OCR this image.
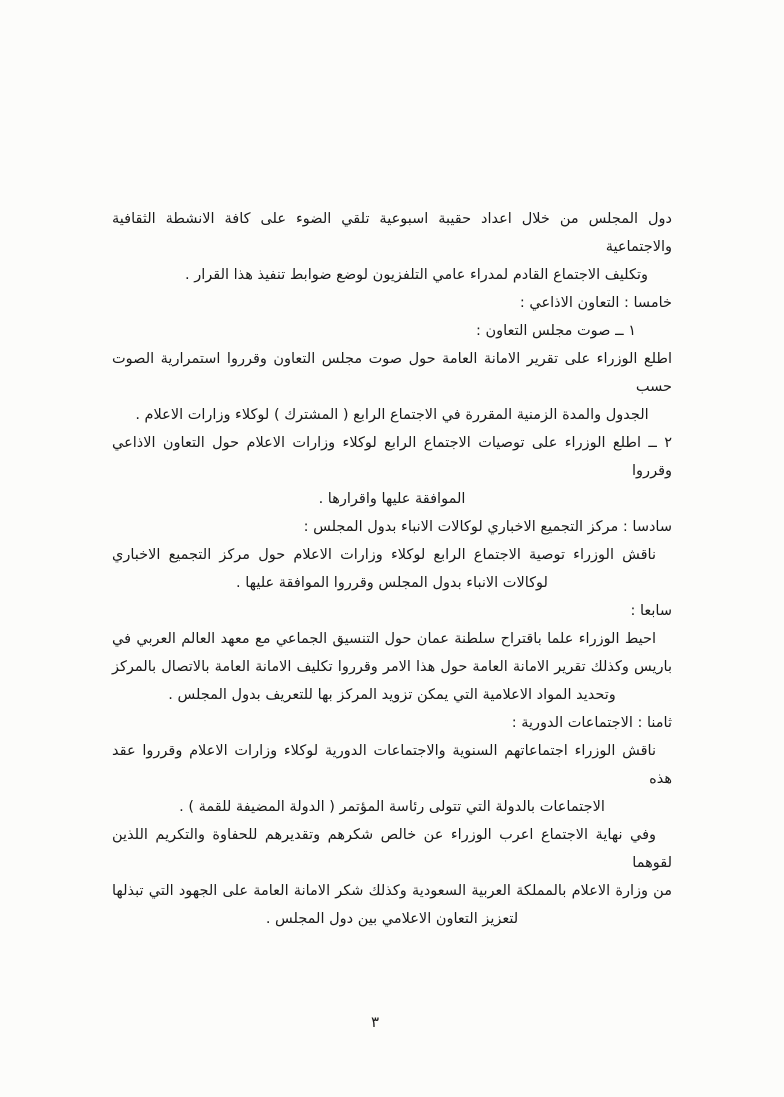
دول المجلس من خلال اعداد حقيبة اسبوعية تلقي الضوء على كافة الانشطة الثقافية والاجتماعية
وتكليف الاجتماع القادم لمدراء عامي التلفزيون لوضع ضوابط تنفيذ هذا القرار .

خامسا : التعاون الاذاعي :

١ ــ صوت مجلس التعاون :

اطلع الوزراء على تقرير الامانة العامة حول صوت مجلس التعاون وقرروا استمرارية الصوت حسب
الجدول والمدة الزمنية المقررة في الاجتماع الرابع ( المشترك ) لوكلاء وزارات الاعلام .

٢ ــ اطلع الوزراء على توصيات الاجتماع الرابع لوكلاء وزارات الاعلام حول التعاون الاذاعي وقرروا
الموافقة عليها واقرارها .

سادسا : مركز التجميع الاخباري لوكالات الانباء بدول المجلس :

ناقش الوزراء توصية الاجتماع الرابع لوكلاء وزارات الاعلام حول مركز التجميع الاخباري
لوكالات الانباء بدول المجلس وقرروا الموافقة عليها .

سابعا :

احيط الوزراء علما باقتراح سلطنة عمان حول التنسيق الجماعي مع معهد العالم العربي في
باريس وكذلك تقرير الامانة العامة حول هذا الامر وقرروا تكليف الامانة العامة بالاتصال بالمركز
وتحديد المواد الاعلامية التي يمكن تزويد المركز بها للتعريف بدول المجلس .

ثامنا : الاجتماعات الدورية :

ناقش الوزراء اجتماعاتهم السنوية والاجتماعات الدورية لوكلاء وزارات الاعلام وقرروا عقد هذه
الاجتماعات بالدولة التي تتولى رئاسة المؤتمر ( الدولة المضيفة للقمة ) .

وفي نهاية الاجتماع اعرب الوزراء عن خالص شكرهم وتقديرهم للحفاوة والتكريم اللذين لقوهما
من وزارة الاعلام بالمملكة العربية السعودية وكذلك شكر الامانة العامة على الجهود التي تبذلها
لتعزيز التعاون الاعلامي بين دول المجلس .

٣
